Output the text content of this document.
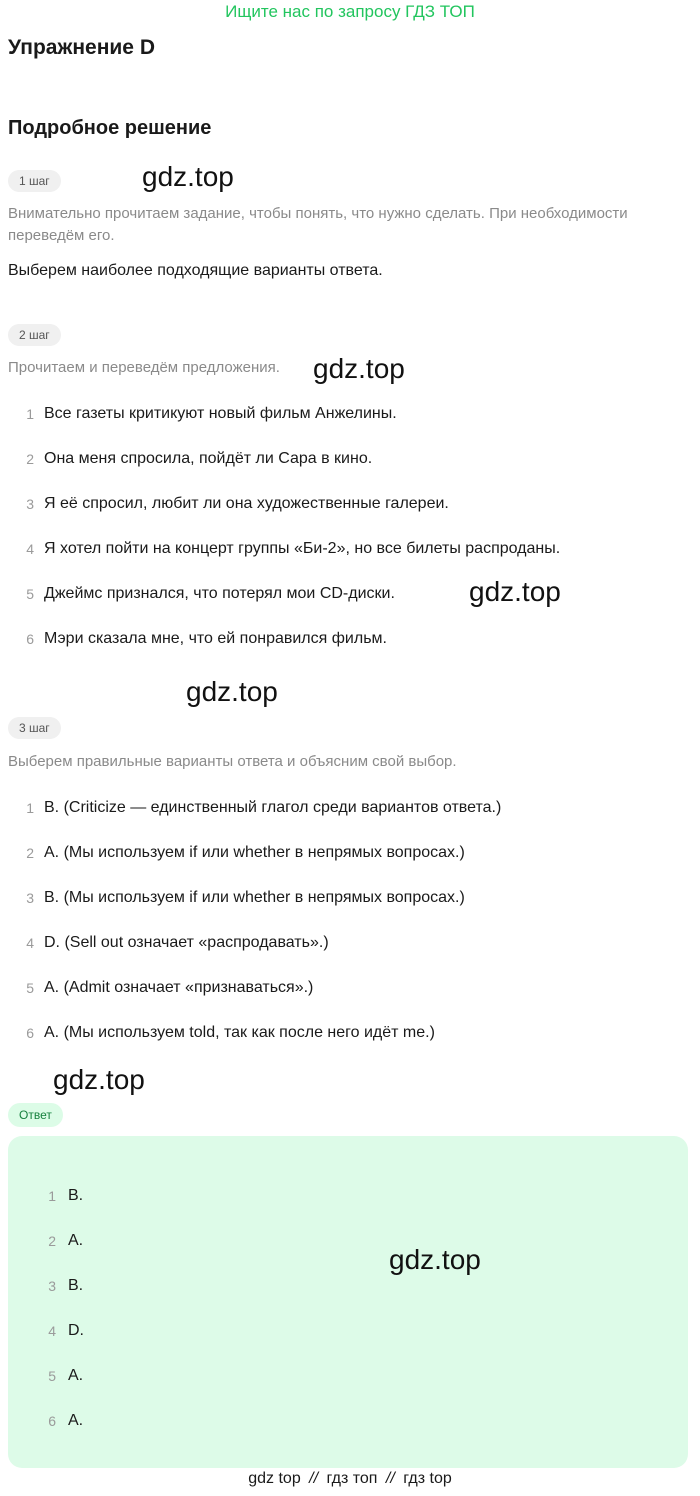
Ищите нас по запросу ГДЗ ТОП
Упражнение D
Подробное решение
1 шаг	gdz.top
Внимательно прочитаем задание, чтобы понять, что нужно сделать. При необходимости переведём его.
Выберем наиболее подходящие варианты ответа.
2 шаг
Прочитаем и переведём предложения.	gdz.top
1 Все газеты критикуют новый фильм Анжелины.
2 Она меня спросила, пойдёт ли Сара в кино.
3 Я её спросил, любит ли она художественные галереи.
4 Я хотел пойти на концерт группы «Би-2», но все билеты распроданы.
5 Джеймс признался, что потерял мои CD-диски.
6 Мэри сказала мне, что ей понравился фильм.
gdz.top
gdz.top
3 шаг
Выберем правильные варианты ответа и объясним свой выбор.
1 B. (Criticize — единственный глагол среди вариантов ответа.)
2 A. (Мы используем if или whether в непрямых вопросах.)
3 B. (Мы используем if или whether в непрямых вопросах.)
4 D. (Sell out означает «распродавать».)
5 A. (Admit означает «признаваться».)
6 A. (Мы используем told, так как после него идёт me.)
gdz.top
Ответ
gdz.top
1 B.
2 A.
3 B.
4 D.
5 A.
6 A.
gdz top // гдз топ // гдз top
